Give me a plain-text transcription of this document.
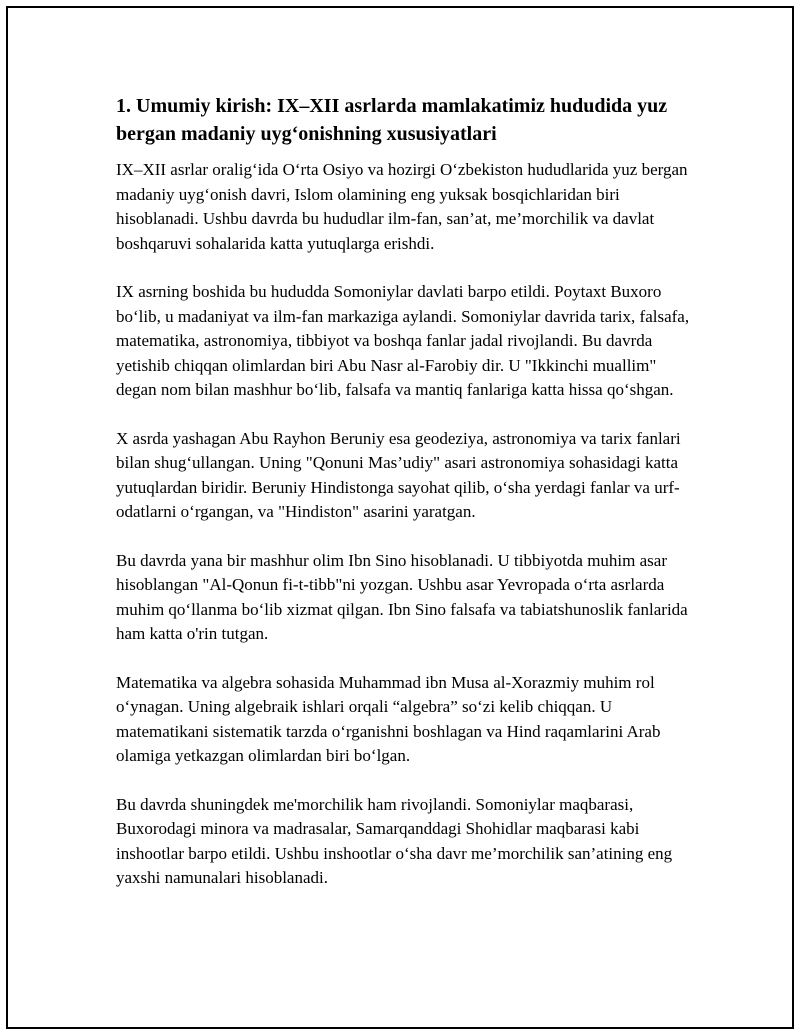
1. Umumiy kirish: IX–XII asrlarda mamlakatimiz hududida yuz bergan madaniy uyg‘onishning xususiyatlari

IX–XII asrlar oralig‘ida O‘rta Osiyo va hozirgi O‘zbekiston hududlarida yuz bergan madaniy uyg‘onish davri, Islom olamining eng yuksak bosqichlaridan biri hisoblanadi. Ushbu davrda bu hududlar ilm-fan, san’at, me’morchilik va davlat boshqaruvi sohalarida katta yutuqlarga erishdi.

IX asrning boshida bu hududda Somoniylar davlati barpo etildi. Poytaxt Buxoro bo‘lib, u madaniyat va ilm-fan markaziga aylandi. Somoniylar davrida tarix, falsafa, matematika, astronomiya, tibbiyot va boshqa fanlar jadal rivojlandi. Bu davrda yetishib chiqqan olimlardan biri Abu Nasr al-Farobiy dir. U "Ikkinchi muallim" degan nom bilan mashhur bo‘lib, falsafa va mantiq fanlariga katta hissa qo‘shgan.

X asrda yashagan Abu Rayhon Beruniy esa geodeziya, astronomiya va tarix fanlari bilan shug‘ullangan. Uning "Qonuni Mas’udiy" asari astronomiya sohasidagi katta yutuqlardan biridir. Beruniy Hindistonga sayohat qilib, o‘sha yerdagi fanlar va urf-odatlarni o‘rgangan, va "Hindiston" asarini yaratgan.

Bu davrda yana bir mashhur olim Ibn Sino hisoblanadi. U tibbiyotda muhim asar hisoblangan "Al-Qonun fi-t-tibb"ni yozgan. Ushbu asar Yevropada o‘rta asrlarda muhim qo‘llanma bo‘lib xizmat qilgan. Ibn Sino falsafa va tabiatshunoslik fanlarida ham katta o'rin tutgan.

Matematika va algebra sohasida Muhammad ibn Musa al-Xorazmiy muhim rol o‘ynagan. Uning algebraik ishlari orqali “algebra” so‘zi kelib chiqqan. U matematikani sistematik tarzda o‘rganishni boshlagan va Hind raqamlarini Arab olamiga yetkazgan olimlardan biri bo‘lgan.

Bu davrda shuningdek me'morchilik ham rivojlandi. Somoniylar maqbarasi, Buxorodagi minora va madrasalar, Samarqanddagi Shohidlar maqbarasi kabi inshootlar barpo etildi. Ushbu inshootlar o‘sha davr me’morchilik san’atining eng yaxshi namunalari hisoblanadi.
